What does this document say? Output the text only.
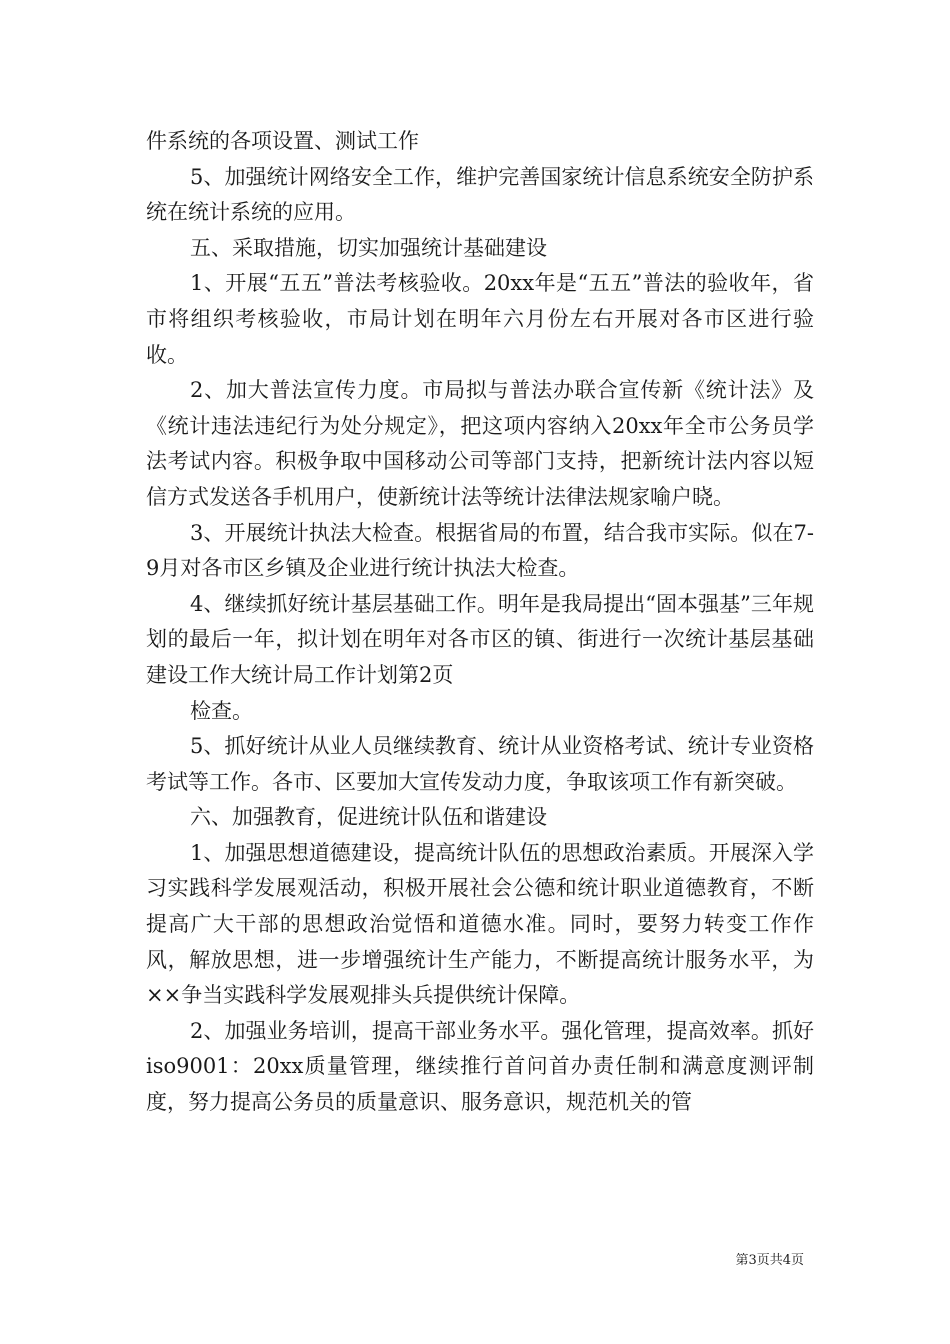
件系统的各项设置、测试工作

5、加强统计网络安全工作，维护完善国家统计信息系统安全防护系统在统计系统的应用。

五、采取措施，切实加强统计基础建设

1、开展“五五”普法考核验收。20xx年是“五五”普法的验收年，省市将组织考核验收，市局计划在明年六月份左右开展对各市区进行验收。

2、加大普法宣传力度。市局拟与普法办联合宣传新《统计法》及《统计违法违纪行为处分规定》，把这项内容纳入20xx年全市公务员学法考试内容。积极争取中国移动公司等部门支持，把新统计法内容以短信方式发送各手机用户，使新统计法等统计法律法规家喻户晓。

3、开展统计执法大检查。根据省局的布置，结合我市实际。似在7-9月对各市区乡镇及企业进行统计执法大检查。

4、继续抓好统计基层基础工作。明年是我局提出“固本强基”三年规划的最后一年，拟计划在明年对各市区的镇、街进行一次统计基层基础建设工作大统计局工作计划第2页

检查。

5、抓好统计从业人员继续教育、统计从业资格考试、统计专业资格考试等工作。各市、区要加大宣传发动力度，争取该项工作有新突破。

六、加强教育，促进统计队伍和谐建设

1、加强思想道德建设，提高统计队伍的思想政治素质。开展深入学习实践科学发展观活动，积极开展社会公德和统计职业道德教育，不断提高广大干部的思想政治觉悟和道德水准。同时，要努力转变工作作风，解放思想，进一步增强统计生产能力，不断提高统计服务水平，为××争当实践科学发展观排头兵提供统计保障。

2、加强业务培训，提高干部业务水平。强化管理，提高效率。抓好iso9001：20xx质量管理，继续推行首问首办责任制和满意度测评制度，努力提高公务员的质量意识、服务意识，规范机关的管

第3页共4页
